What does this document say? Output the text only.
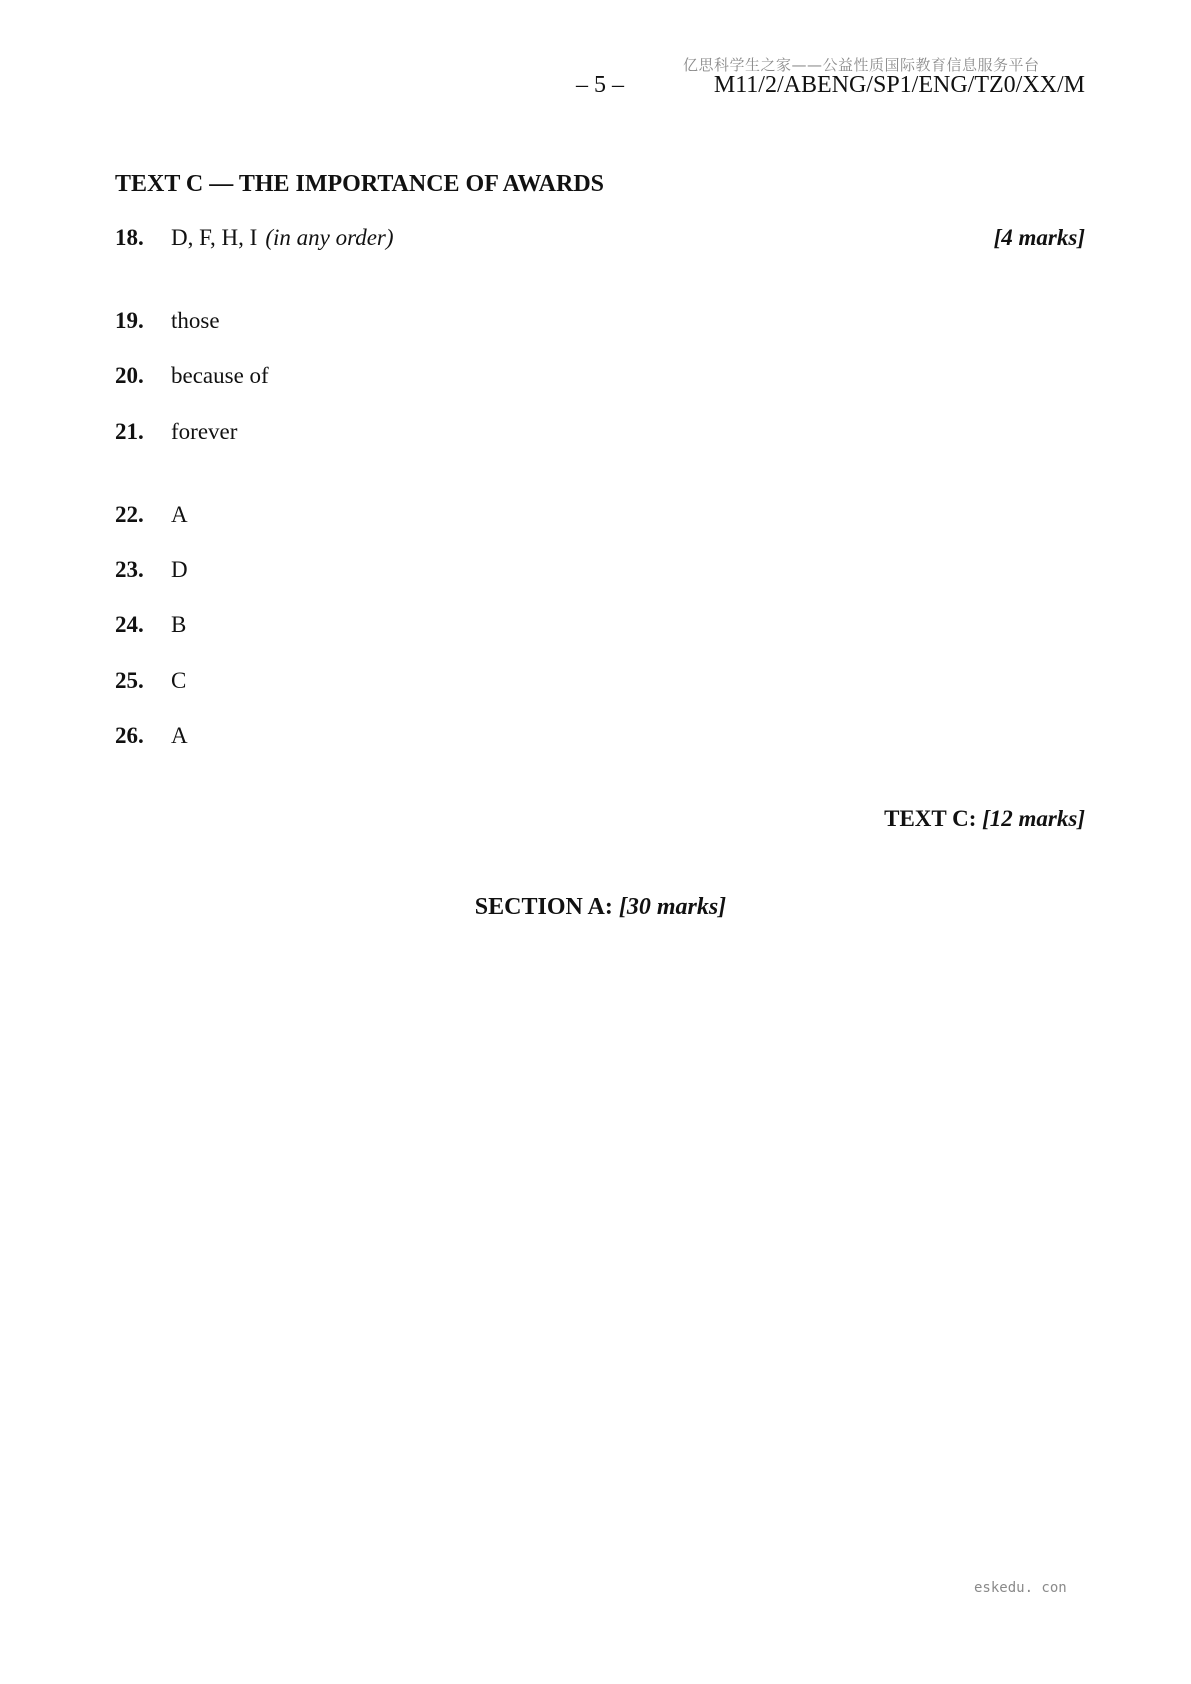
亿思科学生之家——公益性质国际教育信息服务平台
– 5 –	M11/2/ABENG/SP1/ENG/TZ0/XX/M
TEXT C — THE IMPORTANCE OF AWARDS
18. D, F, H, I (in any order)	[4 marks]
19. those
20. because of
21. forever
22. A
23. D
24. B
25. C
26. A
TEXT C: [12 marks]
SECTION A: [30 marks]
eskedu. con
